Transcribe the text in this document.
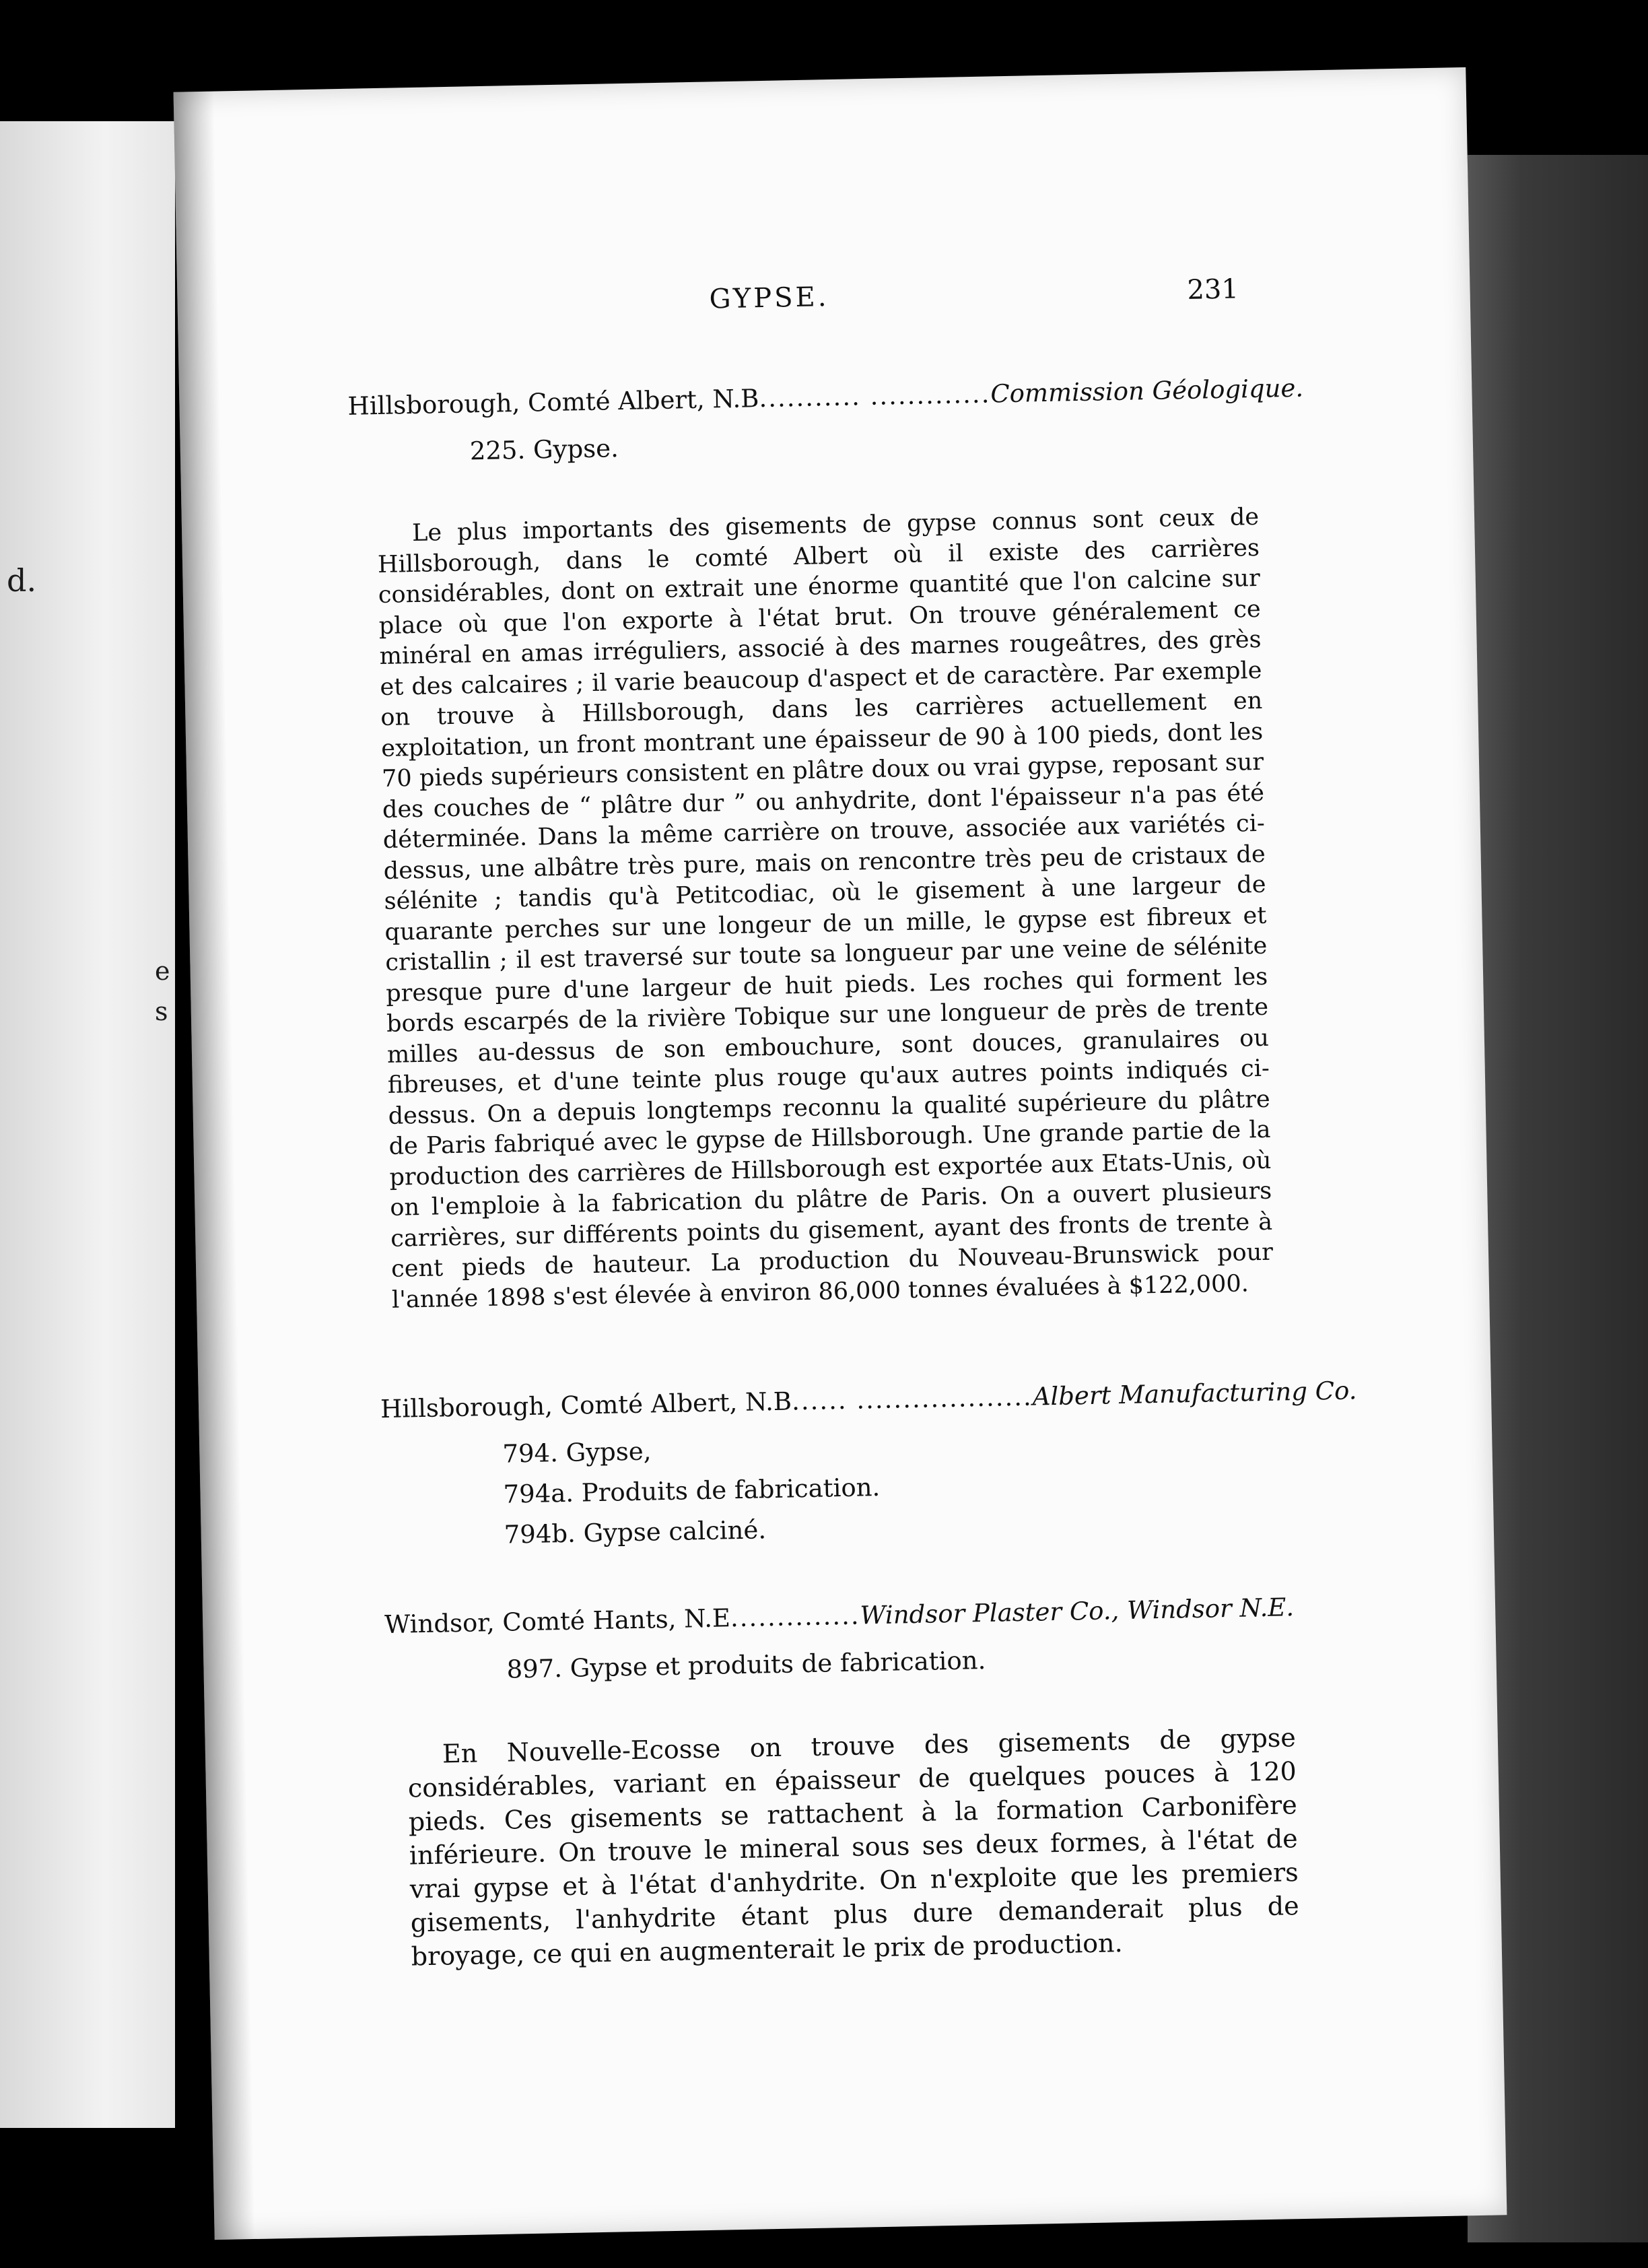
d.
e
s
GYPSE.	231
Hillsborough, Comté Albert, N.B........... .............Commission Géologique.
225. Gypse.

Le plus importants des gisements de gypse connus sont ceux de Hillsborough, dans le comté Albert où il existe des carrières considérables, dont on extrait une énorme quantité que l'on calcine sur place où que l'on exporte à l'état brut. On trouve généralement ce minéral en amas irréguliers, associé à des marnes rougeâtres, des grès et des calcaires ; il varie beaucoup d'aspect et de caractère. Par exemple on trouve à Hillsborough, dans les carrières actuellement en exploitation, un front montrant une épaisseur de 90 à 100 pieds, dont les 70 pieds supérieurs consistent en plâtre doux ou vrai gypse, reposant sur des couches de “ plâtre dur ” ou anhydrite, dont l'épaisseur n'a pas été déterminée. Dans la même carrière on trouve, associée aux variétés ci-dessus, une albâtre très pure, mais on rencontre très peu de cristaux de sélénite ; tandis qu'à Petitcodiac, où le gisement à une largeur de quarante perches sur une longeur de un mille, le gypse est fibreux et cristallin ; il est traversé sur toute sa longueur par une veine de sélénite presque pure d'une largeur de huit pieds. Les roches qui forment les bords escarpés de la rivière Tobique sur une longueur de près de trente milles au-dessus de son embouchure, sont douces, granulaires ou fibreuses, et d'une teinte plus rouge qu'aux autres points indiqués ci-dessus. On a depuis longtemps reconnu la qualité supérieure du plâtre de Paris fabriqué avec le gypse de Hillsborough. Une grande partie de la production des carrières de Hillsborough est exportée aux Etats-Unis, où on l'emploie à la fabrication du plâtre de Paris. On a ouvert plusieurs carrières, sur différents points du gisement, ayant des fronts de trente à cent pieds de hauteur. La production du Nouveau-Brunswick pour l'année 1898 s'est élevée à environ 86,000 tonnes évaluées à $122,000.

Hillsborough, Comté Albert, N.B...... ...................Albert Manufacturing Co.
794. Gypse,
794a. Produits de fabrication.
794b. Gypse calciné.
Windsor, Comté Hants, N.E..............Windsor Plaster Co., Windsor N.E.
897. Gypse et produits de fabrication.

En Nouvelle-Ecosse on trouve des gisements de gypse considérables, variant en épaisseur de quelques pouces à 120 pieds. Ces gisements se rattachent à la formation Carbonifère inférieure. On trouve le mineral sous ses deux formes, à l'état de vrai gypse et à l'état d'anhydrite. On n'exploite que les premiers gisements, l'anhydrite étant plus dure demanderait plus de broyage, ce qui en augmenterait le prix de production.
